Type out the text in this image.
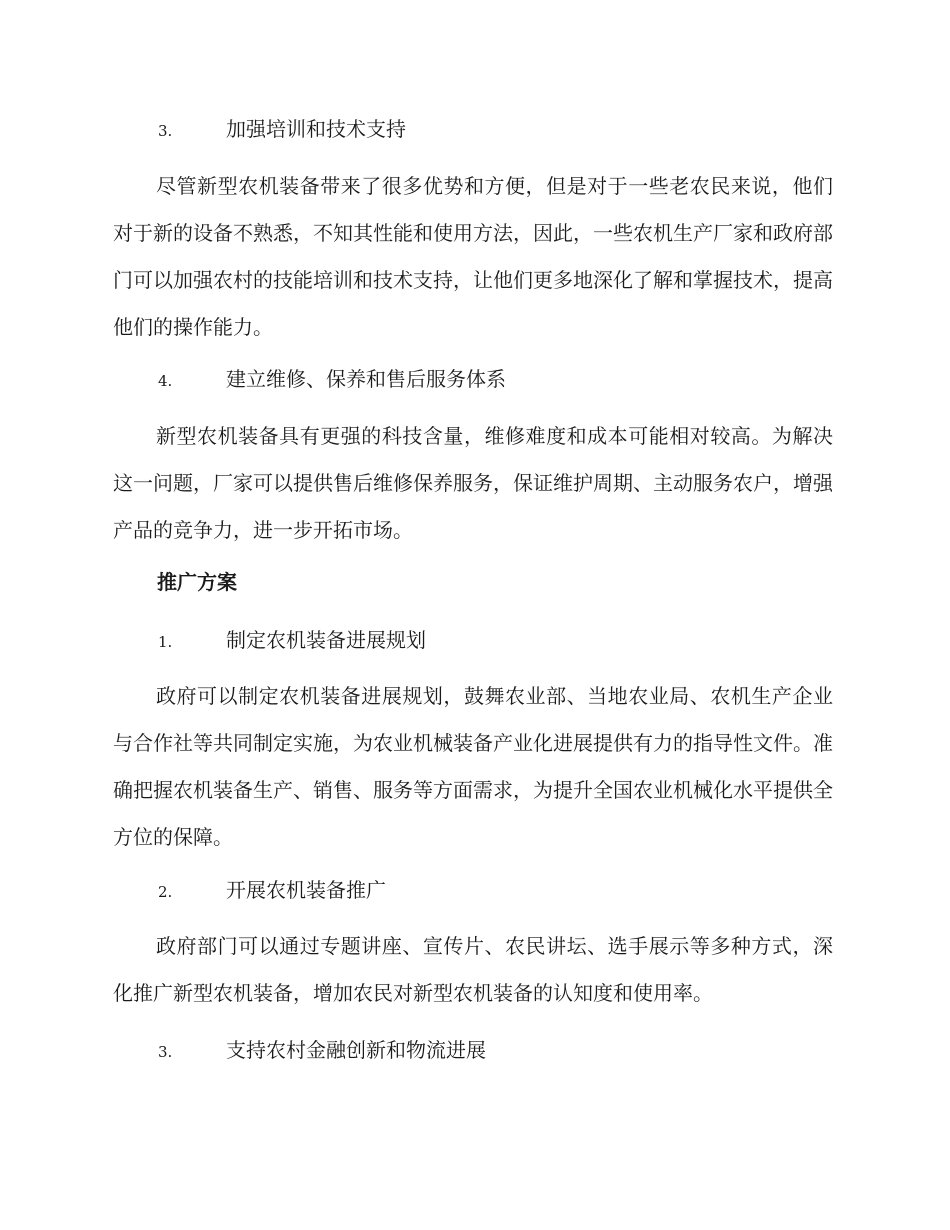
3.	加强培训和技术支持

尽管新型农机装备带来了很多优势和方便，但是对于一些老农民来说，他们对于新的设备不熟悉，不知其性能和使用方法，因此，一些农机生产厂家和政府部门可以加强农村的技能培训和技术支持，让他们更多地深化了解和掌握技术，提高他们的操作能力。

4.	建立维修、保养和售后服务体系

新型农机装备具有更强的科技含量，维修难度和成本可能相对较高。为解决这一问题，厂家可以提供售后维修保养服务，保证维护周期、主动服务农户，增强产品的竞争力，进一步开拓市场。

推广方案
1.	制定农机装备进展规划

政府可以制定农机装备进展规划，鼓舞农业部、当地农业局、农机生产企业与合作社等共同制定实施，为农业机械装备产业化进展提供有力的指导性文件。准确把握农机装备生产、销售、服务等方面需求，为提升全国农业机械化水平提供全方位的保障。

2.	开展农机装备推广

政府部门可以通过专题讲座、宣传片、农民讲坛、选手展示等多种方式，深化推广新型农机装备，增加农民对新型农机装备的认知度和使用率。

3.	支持农村金融创新和物流进展
